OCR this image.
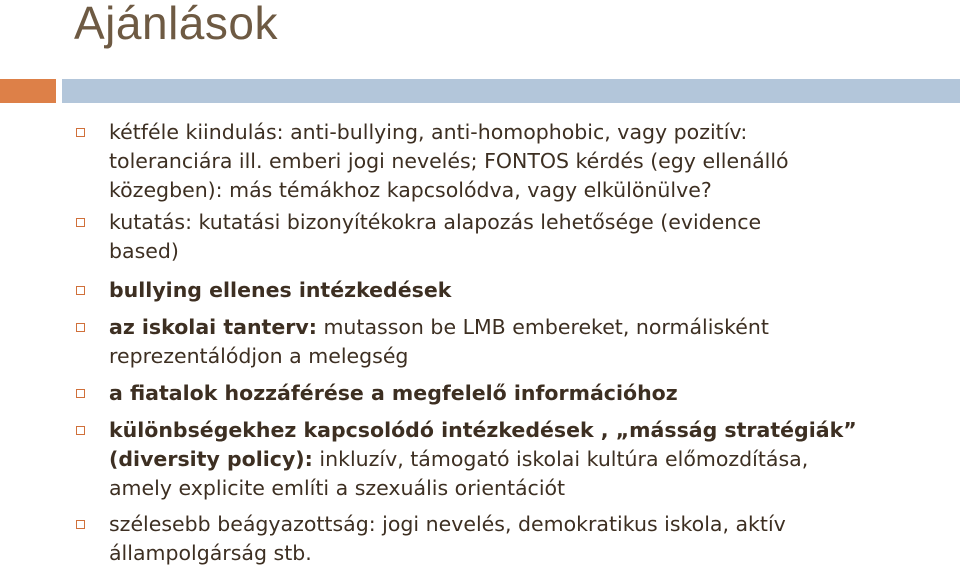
Ajánlások
kétféle kiindulás: anti-bullying, anti-homophobic, vagy pozitív:
toleranciára ill. emberi jogi nevelés; FONTOS kérdés (egy ellenálló
közegben): más témákhoz kapcsolódva, vagy elkülönülve?
kutatás: kutatási bizonyítékokra alapozás lehetősége (evidence
based)
bullying ellenes intézkedések
az iskolai tanterv: mutasson be LMB embereket, normálisként
reprezentálódjon a melegség
a fiatalok hozzáférése a megfelelő információhoz
különbségekhez kapcsolódó intézkedések , „másság stratégiák”
(diversity policy): inkluzív, támogató iskolai kultúra előmozdítása,
amely explicite említi a szexuális orientációt
szélesebb beágyazottság: jogi nevelés, demokratikus iskola, aktív
állampolgárság stb.
